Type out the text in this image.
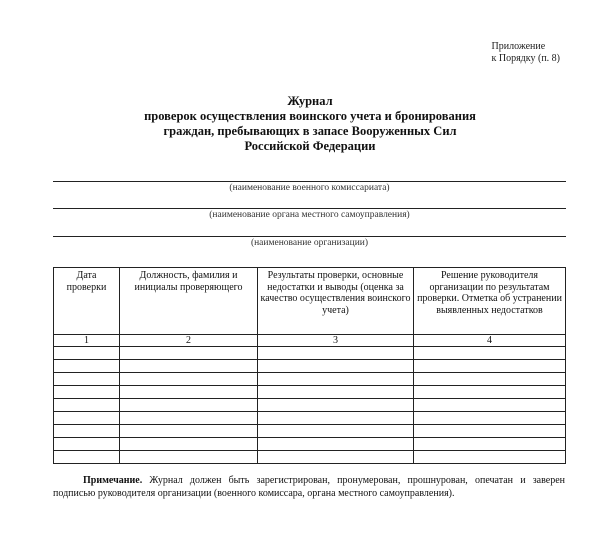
Приложение
к Порядку (п. 8)
Журнал
проверок осуществления воинского учета и бронирования
граждан, пребывающих в запасе Вооруженных Сил
Российской Федерации
(наименование военного комиссариата)
(наименование органа местного самоуправления)
(наименование организации)
Дата проверки	Должность, фамилия и инициалы проверяющего	Результаты проверки, основные недостатки и выводы (оценка за качество осуществления воинского учета)	Решение руководителя организации по результатам проверки. Отметка об устранении выявленных недостатков
1	2	3	4

Примечание. Журнал должен быть зарегистрирован, пронумерован, прошнурован, опечатан и заверен подписью руководителя организации (военного комиссара, органа местного самоуправления).
